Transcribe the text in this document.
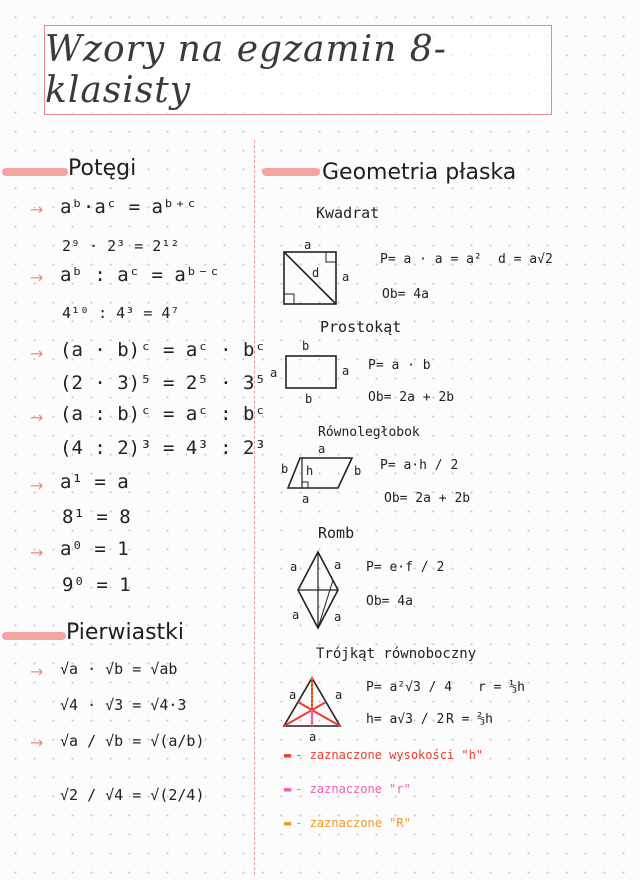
Wzory na egzamin 8- klasisty
Potęgi
→ aᵇ·aᶜ = aᵇ⁺ᶜ
2⁹ · 2³ = 2¹²
→ aᵇ : aᶜ = aᵇ⁻ᶜ
4¹⁰ : 4³ = 4⁷
→ (a · b)ᶜ = aᶜ · bᶜ
(2 · 3)⁵ = 2⁵ · 3⁵
→ (a : b)ᶜ = aᶜ : bᶜ
(4 : 2)³ = 4³ : 2³
→ a¹ = a
8¹ = 8
→ a⁰ = 1
9⁰ = 1
Pierwiastki
→ √a · √b = √ab
√4 · √3 = √4·3
→ √a / √b = √(a/b)
√2 / √4 = √(2/4)
Geometria płaska
Kwadrat
a
a
d
P= a · a = a² d = a√2
Ob= 4a
Prostokąt
b
a	a
b
P= a · b
Ob= 2a + 2b
Równoległobok
a
b h	b
a
P= a·h / 2
Ob= 2a + 2b
Romb
a	a
a	a
P= e·f / 2
Ob= 4a
Trójkąt równoboczny
a	a
a
P= a²√3 / 4 r = ⅓h
h= a√3 / 2 R = ⅔h
▬ - zaznaczone wysokości "h"
▬ - zaznaczone "r"
▬ - zaznaczone "R"
